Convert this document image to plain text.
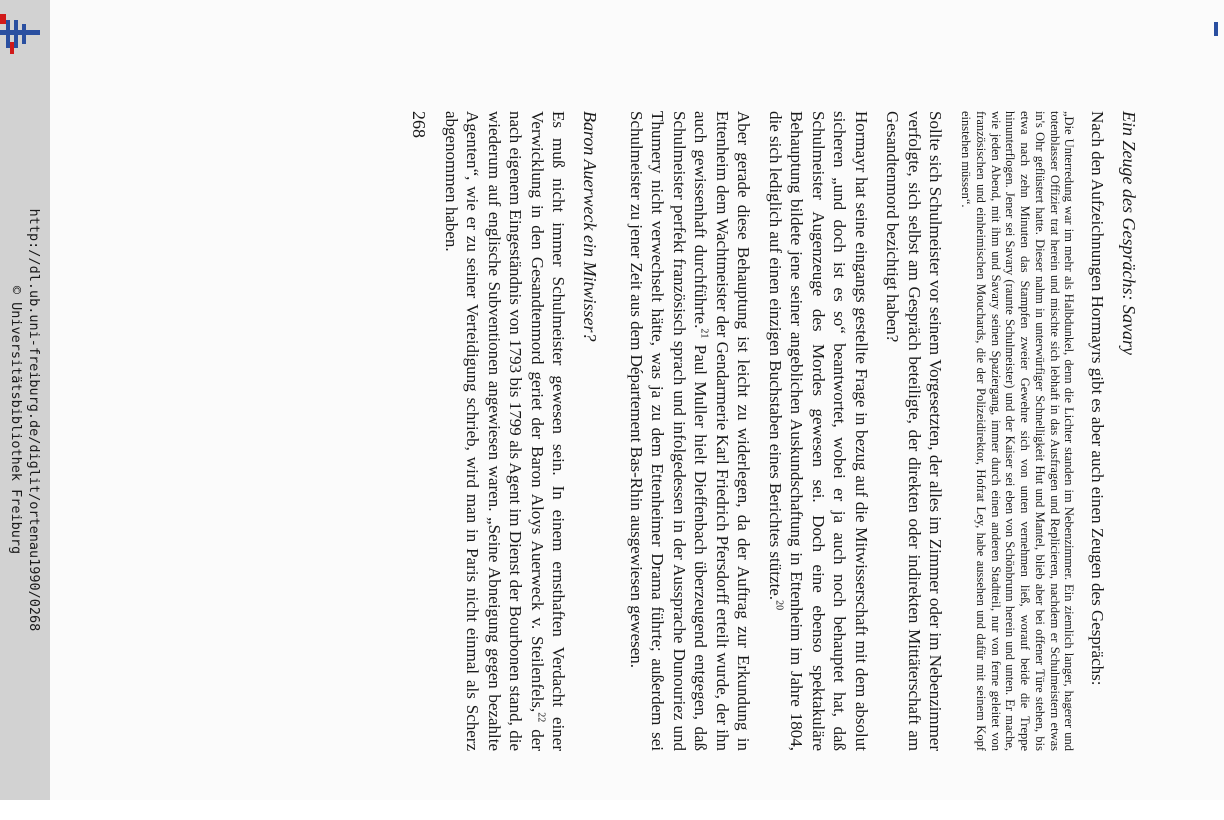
http://dl.ub.uni-freiburg.de/diglit/ortenau1990/0268
© Universitätsbibliothek Freiburg
Ein Zeuge des Gesprächs: Savary

Nach den Aufzeichnungen Hormayrs gibt es aber auch einen Zeugen des Gesprächs:

„Die Unterredung war im mehr als Halbdunkel, denn die Lichter standen im Nebenzimmer. Ein ziemlich langer, hagerer und totenblasser Offizier trat herein und mischte sich lebhaft in das Ausfragen und Replicieren, nachdem er Schulmeistern etwas in's Ohr geflüstert hatte. Dieser nahm in unterwürfiger Schnelligkeit Hut und Mantel, blieb aber bei offener Türe stehen, bis etwa nach zehn Minuten das Stampfen zweier Gewehre sich von unten vernehmen ließ, worauf beide die Treppe hinunterflogen. Jener sei Savary (raunte Schulmeister) und der Kaiser sei eben von Schönbrunn herein und unten. Er mache, wie jeden Abend, mit ihm und Savary seinen Spaziergang, immer durch einen anderen Stadtteil, nur von ferne geleitet von französischen und einheimischen Mouchards, die der Polizeidirektor, Hofrat Ley, habe aussehen und dafür mit seinem Kopf einstehen müssen“.

Sollte sich Schulmeister vor seinem Vorgesetzten, der alles im Zimmer oder im Nebenzimmer verfolgte, sich selbst am Gespräch beteiligte, der direkten oder indirekten Mittäterschaft am Gesandtenmord bezichtigt haben?

Hormayr hat seine eingangs gestellte Frage in bezug auf die Mitwisserschaft mit dem absolut sicheren „und doch ist es so“ beantwortet, wobei er ja auch noch behauptet hat, daß Schulmeister Augenzeuge des Mordes gewesen sei. Doch eine ebenso spektakuläre Behauptung bildete jene seiner angeblichen Auskundschaftung in Ettenheim im Jahre 1804, die sich lediglich auf einen einzigen Buchstaben eines Berichtes stützte.$^{20}$

Aber gerade diese Behauptung ist leicht zu widerlegen, da der Auftrag zur Erkundung in Ettenheim dem Wachtmeister der Gendarmerie Karl Friedrich Pfersdorff erteilt wurde, der ihn auch gewissenhaft durchführte.$^{21}$ Paul Muller hielt Dieffenbach überzeugend entgegen, daß Schulmeister perfekt französisch sprach und infolgedessen in der Aussprache Dunouriez und Thumery nicht verwechselt hätte, was ja zu dem Ettenheimer Drama führte; außerdem sei Schulmeister zu jener Zeit aus dem Département Bas-Rhin ausgewiesen gewesen.

Baron Auerweck ein Mitwisser?

Es muß nicht immer Schulmeister gewesen sein. In einem ernsthaften Verdacht einer Verwicklung in den Gesandtenmord geriet der Baron Aloys Auerweck v. Steilenfels,$^{22}$ der nach eigenem Eingeständnis von 1793 bis 1799 als Agent im Dienst der Bourbonen stand, die wiederum auf englische Subventionen angewiesen waren. „Seine Abneigung gegen bezahlte Agenten“, wie er zu seiner Verteidigung schrieb, wird man in Paris nicht einmal als Scherz abgenommen haben.

268
